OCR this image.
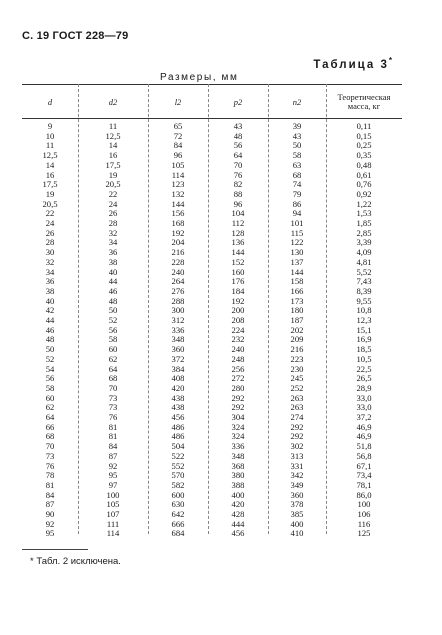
С. 19 ГОСТ 228—79
Таблица 3*
Размеры, мм
d	d2	l2	p2	n2	Теоретическая масса, кг
9	11	65	43	39	0,11
10	12,5	72	48	43	0,15
11	14	84	56	50	0,25
12,5	16	96	64	58	0,35
14	17,5	105	70	63	0,48
16	19	114	76	68	0,61
17,5	20,5	123	82	74	0,76
19	22	132	88	79	0,92
20,5	24	144	96	86	1,22
22	26	156	104	94	1,53
24	28	168	112	101	1,85
26	32	192	128	115	2,85
28	34	204	136	122	3,39
30	36	216	144	130	4,09
32	38	228	152	137	4,81
34	40	240	160	144	5,52
36	44	264	176	158	7,43
38	46	276	184	166	8,39
40	48	288	192	173	9,55
42	50	300	200	180	10,8
44	52	312	208	187	12,3
46	56	336	224	202	15,1
48	58	348	232	209	16,9
50	60	360	240	216	18,5
52	62	372	248	223	10,5
54	64	384	256	230	22,5
56	68	408	272	245	26,5
58	70	420	280	252	28,9
60	73	438	292	263	33,0
62	73	438	292	263	33,0
64	76	456	304	274	37,2
66	81	486	324	292	46,9
68	81	486	324	292	46,9
70	84	504	336	302	51,8
73	87	522	348	313	56,8
76	92	552	368	331	67,1
78	95	570	380	342	73,4
81	97	582	388	349	78,1
84	100	600	400	360	86,0
87	105	630	420	378	100
90	107	642	428	385	106
92	111	666	444	400	116
95	114	684	456	410	125
* Табл. 2 исключена.
